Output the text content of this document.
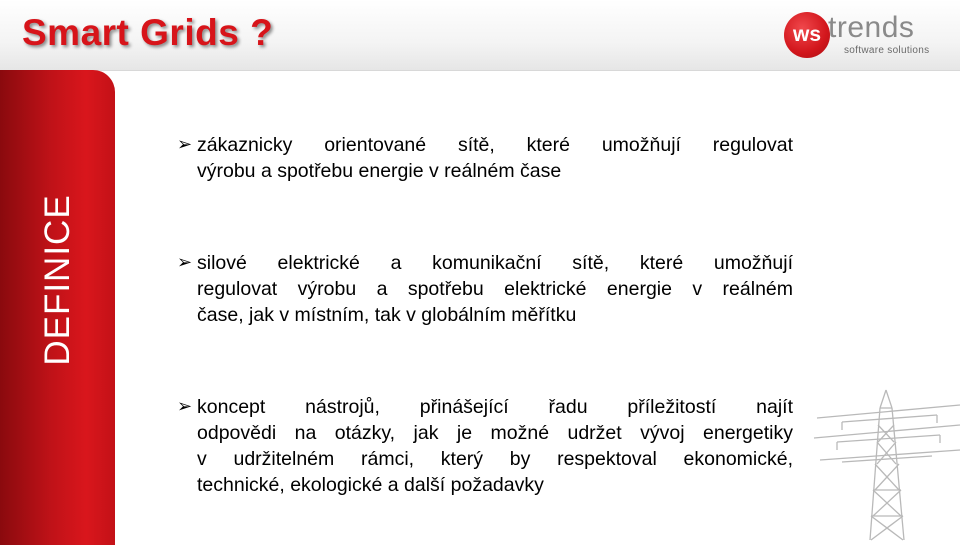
Smart Grids ?	ws trends
software solutions
DEFINICE
➢ zákaznicky orientované sítě, které umožňují regulovat
výrobu a spotřebu energie v reálném čase
➢ silové elektrické a komunikační sítě, které umožňují
regulovat výrobu a spotřebu elektrické energie v reálném
čase, jak v místním, tak v globálním měřítku
➢ koncept nástrojů, přinášející řadu příležitostí najít
odpovědi na otázky, jak je možné udržet vývoj energetiky
v udržitelném rámci, který by respektoval ekonomické,
technické, ekologické a další požadavky
